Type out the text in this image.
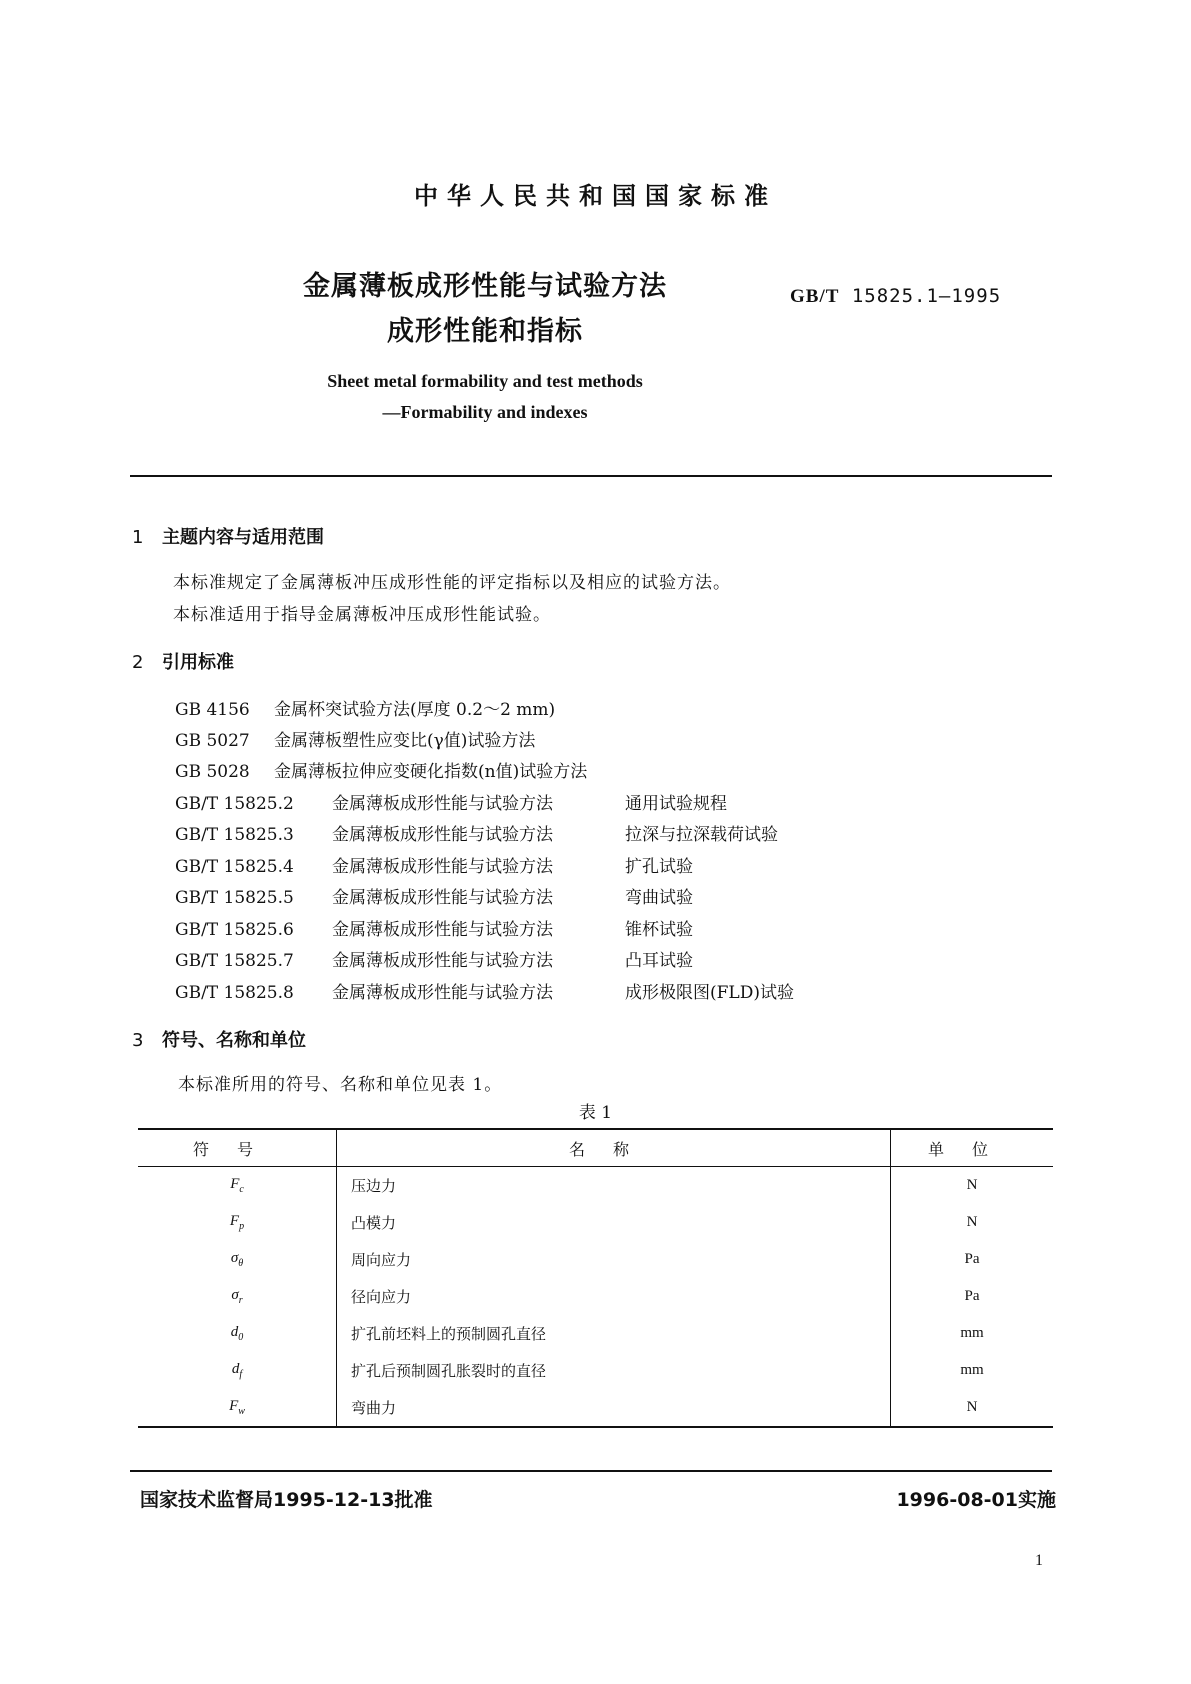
中华人民共和国国家标准
金属薄板成形性能与试验方法
成形性能和指标
GB/T 15825.1—1995
Sheet metal formability and test methods
—Formability and indexes
1 主题内容与适用范围
本标准规定了金属薄板冲压成形性能的评定指标以及相应的试验方法。
本标准适用于指导金属薄板冲压成形性能试验。
2 引用标准
GB 4156 金属杯突试验方法(厚度 0.2～2 mm)
GB 5027 金属薄板塑性应变比(γ值)试验方法
GB 5028 金属薄板拉伸应变硬化指数(n值)试验方法
GB/T 15825.2 金属薄板成形性能与试验方法	通用试验规程
GB/T 15825.3 金属薄板成形性能与试验方法	拉深与拉深载荷试验
GB/T 15825.4 金属薄板成形性能与试验方法	扩孔试验
GB/T 15825.5 金属薄板成形性能与试验方法	弯曲试验
GB/T 15825.6 金属薄板成形性能与试验方法	锥杯试验
GB/T 15825.7 金属薄板成形性能与试验方法	凸耳试验
GB/T 15825.8 金属薄板成形性能与试验方法	成形极限图(FLD)试验
3 符号、名称和单位
本标准所用的符号、名称和单位见表 1。
表 1
符号	名称	单位
$F_c$	压边力	N
$F_p$	凸模力	N
$\sigma_\theta$	周向应力	Pa
$\sigma_r$	径向应力	Pa
$d_0$	扩孔前坯料上的预制圆孔直径	mm
$d_f$	扩孔后预制圆孔胀裂时的直径	mm
$F_w$	弯曲力	N
国家技术监督局1995-12-13批准	1996-08-01实施
1
